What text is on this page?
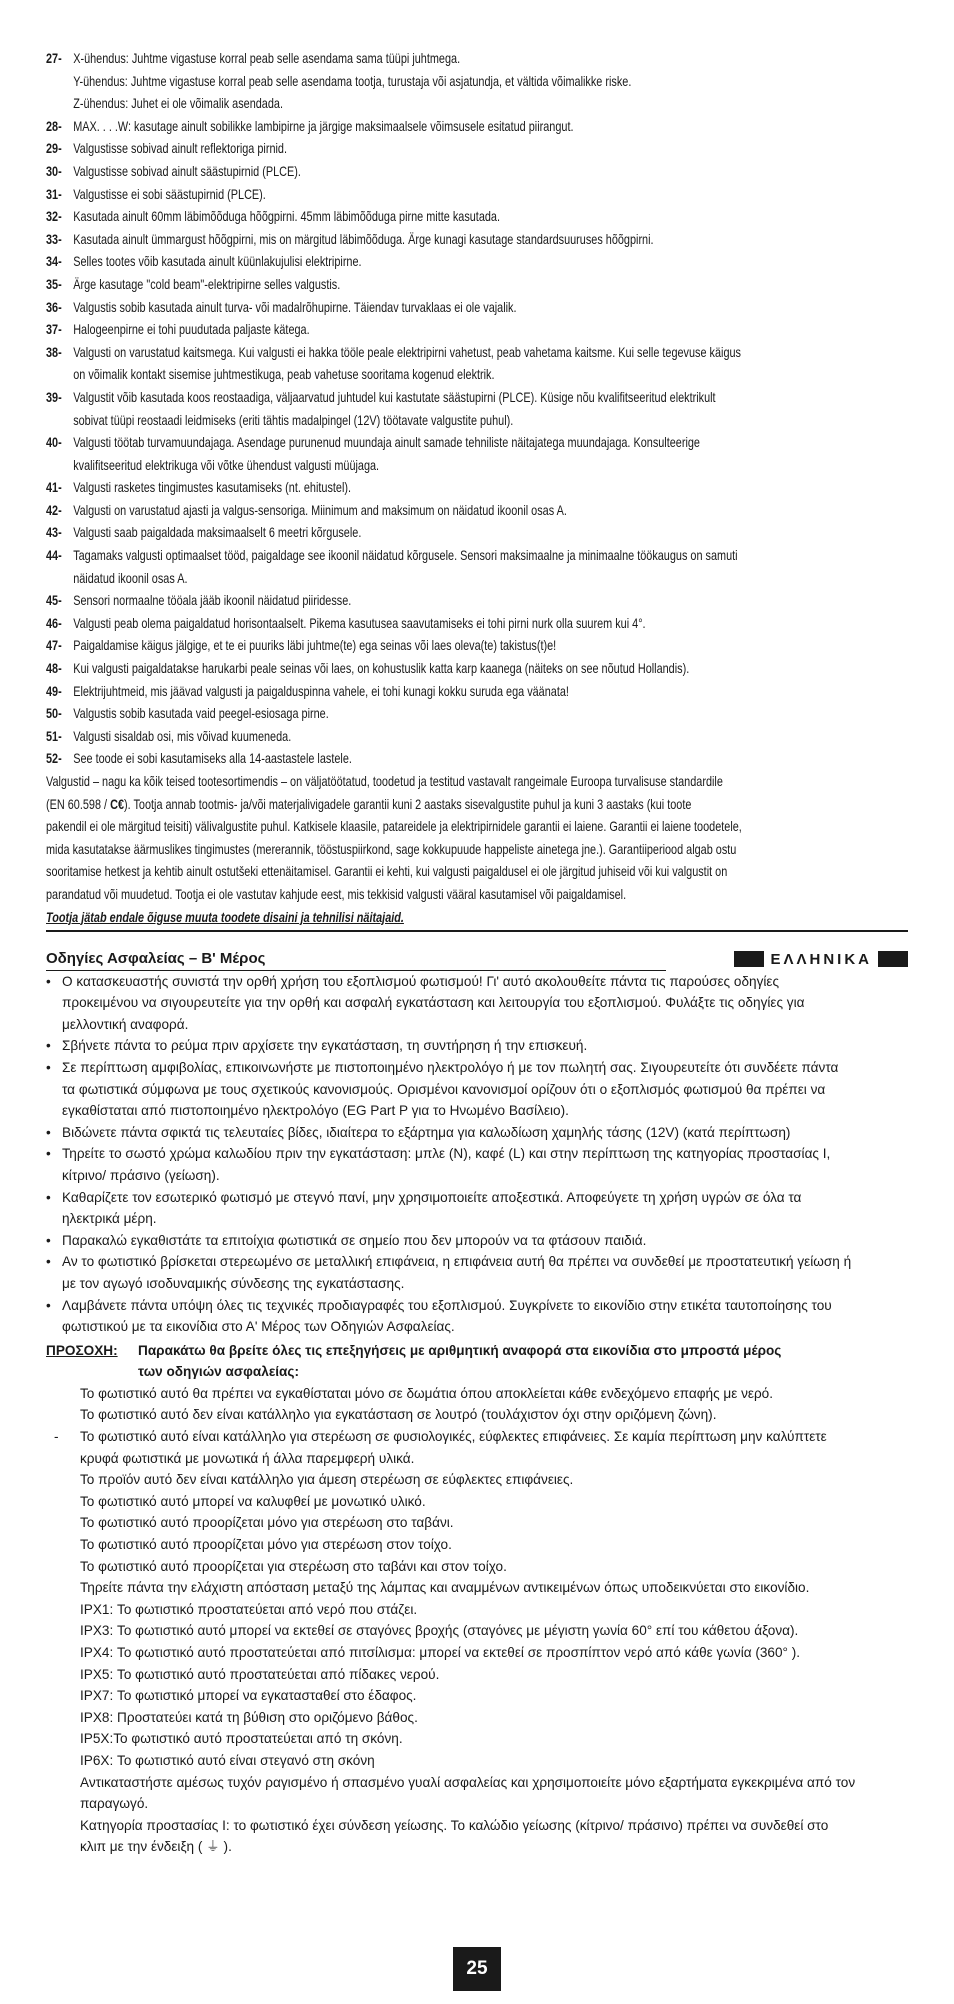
27- X-ühendus: Juhtme vigastuse korral peab selle asendama sama tüüpi juhtmega.
Y-ühendus: Juhtme vigastuse korral peab selle asendama tootja, turustaja või asjatundja, et vältida võimalikke riske.
Z-ühendus: Juhet ei ole võimalik asendada.
28- MAX. . . .W: kasutage ainult sobilikke lambipirne ja järgige maksimaalsele võimsusele esitatud piirangut.
29- Valgustisse sobivad ainult reflektoriga pirnid.
30- Valgustisse sobivad ainult säästupirnid (PLCE).
31- Valgustisse ei sobi säästupirnid (PLCE).
32- Kasutada ainult 60mm läbimõõduga hõõgpirni. 45mm läbimõõduga pirne mitte kasutada.
33- Kasutada ainult ümmargust hõõgpirni, mis on märgitud läbimõõduga. Ärge kunagi kasutage standardsuuruses hõõgpirni.
34- Selles tootes võib kasutada ainult küünlakujulisi elektripirne.
35- Ärge kasutage "cold beam"-elektripirne selles valgustis.
36- Valgustis sobib kasutada ainult turva- või madalrõhupirne. Täiendav turvaklaas ei ole vajalik.
37- Halogeenpirne ei tohi puudutada paljaste kätega.
38- Valgusti on varustatud kaitsmega. Kui valgusti ei hakka tööle peale elektripirni vahetust, peab vahetama kaitsme. Kui selle tegevuse käigus
on võimalik kontakt sisemise juhtmestikuga, peab vahetuse sooritama kogenud elektrik.
39- Valgustit võib kasutada koos reostaadiga, väljaarvatud juhtudel kui kastutate säästupirni (PLCE). Küsige nõu kvalifitseeritud elektrikult
sobivat tüüpi reostaadi leidmiseks (eriti tähtis madalpingel (12V) töötavate valgustite puhul).
40- Valgusti töötab turvamuundajaga. Asendage purunenud muundaja ainult samade tehniliste näitajatega muundajaga. Konsulteerige
kvalifitseeritud elektrikuga või võtke ühendust valgusti müüjaga.
41- Valgusti rasketes tingimustes kasutamiseks (nt. ehitustel).
42- Valgusti on varustatud ajasti ja valgus-sensoriga. Miinimum and maksimum on näidatud ikoonil osas A.
43- Valgusti saab paigaldada maksimaalselt 6 meetri kõrgusele.
44- Tagamaks valgusti optimaalset tööd, paigaldage see ikoonil näidatud kõrgusele. Sensori maksimaalne ja minimaalne töökaugus on samuti
näidatud ikoonil osas A.
45- Sensori normaalne tööala jääb ikoonil näidatud piiridesse.
46- Valgusti peab olema paigaldatud horisontaalselt. Pikema kasutusea saavutamiseks ei tohi pirni nurk olla suurem kui 4°.
47- Paigaldamise käigus jälgige, et te ei puuriks läbi juhtme(te) ega seinas või laes oleva(te) takistus(t)e!
48- Kui valgusti paigaldatakse harukarbi peale seinas või laes, on kohustuslik katta karp kaanega (näiteks on see nõutud Hollandis).
49- Elektrijuhtmeid, mis jäävad valgusti ja paigalduspinna vahele, ei tohi kunagi kokku suruda ega väänata!
50- Valgustis sobib kasutada vaid peegel-esiosaga pirne.
51- Valgusti sisaldab osi, mis võivad kuumeneda.
52- See toode ei sobi kasutamiseks alla 14-aastastele lastele.
Valgustid – nagu ka kõik teised tootesortimendis – on väljatöötatud, toodetud ja testitud vastavalt rangeimale Euroopa turvalisuse standardile
(EN 60.598 / C€). Tootja annab tootmis- ja/või materjalivigadele garantii kuni 2 aastaks sisevalgustite puhul ja kuni 3 aastaks (kui toote
pakendil ei ole märgitud teisiti) välivalgustite puhul. Katkisele klaasile, patareidele ja elektripirnidele garantii ei laiene. Garantii ei laiene toodetele,
mida kasutatakse äärmuslikes tingimustes (mererannik, tööstuspiirkond, sage kokkupuude happeliste ainetega jne.). Garantiiperiood algab ostu
sooritamise hetkest ja kehtib ainult ostutšeki ettenäitamisel. Garantii ei kehti, kui valgusti paigaldusel ei ole järgitud juhiseid või kui valgustit on
parandatud või muudetud. Tootja ei ole vastutav kahjude eest, mis tekkisid valgusti vääral kasutamisel või paigaldamisel.
Tootja jätab endale õiguse muuta toodete disaini ja tehnilisi näitajaid.
Οδηγίες Ασφαλείας – Β' Μέρος	ΕΛΛΗΝΙΚΑ
• Ο κατασκευαστής συνιστά την ορθή χρήση του εξοπλισμού φωτισμού! Γι' αυτό ακολουθείτε πάντα τις παρούσες οδηγίες
προκειμένου να σιγουρευτείτε για την ορθή και ασφαλή εγκατάσταση και λειτουργία του εξοπλισμού. Φυλάξτε τις οδηγίες για
μελλοντική αναφορά.
• Σβήνετε πάντα το ρεύμα πριν αρχίσετε την εγκατάσταση, τη συντήρηση ή την επισκευή.
• Σε περίπτωση αμφιβολίας, επικοινωνήστε με πιστοποιημένο ηλεκτρολόγο ή με τον πωλητή σας. Σιγουρευτείτε ότι συνδέετε πάντα
τα φωτιστικά σύμφωνα με τους σχετικούς κανονισμούς. Ορισμένοι κανονισμοί ορίζουν ότι ο εξοπλισμός φωτισμού θα πρέπει να
εγκαθίσταται από πιστοποιημένο ηλεκτρολόγο (EG Part P για το Ηνωμένο Βασίλειο).
• Βιδώνετε πάντα σφικτά τις τελευταίες βίδες, ιδιαίτερα το εξάρτημα για καλωδίωση χαμηλής τάσης (12V) (κατά περίπτωση)
• Τηρείτε το σωστό χρώμα καλωδίου πριν την εγκατάσταση: μπλε (N), καφέ (L) και στην περίπτωση της κατηγορίας προστασίας I,
κίτρινο/ πράσινο (γείωση).
• Καθαρίζετε τον εσωτερικό φωτισμό με στεγνό πανί, μην χρησιμοποιείτε αποξεστικά. Αποφεύγετε τη χρήση υγρών σε όλα τα
ηλεκτρικά μέρη.
• Παρακαλώ εγκαθιστάτε τα επιτοίχια φωτιστικά σε σημείο που δεν μπορούν να τα φτάσουν παιδιά.
• Αν το φωτιστικό βρίσκεται στερεωμένο σε μεταλλική επιφάνεια, η επιφάνεια αυτή θα πρέπει να συνδεθεί με προστατευτική γείωση ή
με τον αγωγό ισοδυναμικής σύνδεσης της εγκατάστασης.
• Λαμβάνετε πάντα υπόψη όλες τις τεχνικές προδιαγραφές του εξοπλισμού. Συγκρίνετε το εικονίδιο στην ετικέτα ταυτοποίησης του
φωτιστικού με τα εικονίδια στο Α' Μέρος των Οδηγιών Ασφαλείας.
ΠΡΟΣΟΧΗ:	Παρακάτω θα βρείτε όλες τις επεξηγήσεις με αριθμητική αναφορά στα εικονίδια στο μπροστά μέρος
των οδηγιών ασφαλείας:
Το φωτιστικό αυτό θα πρέπει να εγκαθίσταται μόνο σε δωμάτια όπου αποκλείεται κάθε ενδεχόμενο επαφής με νερό.
Το φωτιστικό αυτό δεν είναι κατάλληλο για εγκατάσταση σε λουτρό (τουλάχιστον όχι στην οριζόμενη ζώνη).
-	Το φωτιστικό αυτό είναι κατάλληλο για στερέωση σε φυσιολογικές, εύφλεκτες επιφάνειες. Σε καμία περίπτωση μην καλύπτετε
κρυφά φωτιστικά με μονωτικά ή άλλα παρεμφερή υλικά.
Το προϊόν αυτό δεν είναι κατάλληλο για άμεση στερέωση σε εύφλεκτες επιφάνειες.
Το φωτιστικό αυτό μπορεί να καλυφθεί με μονωτικό υλικό.
Το φωτιστικό αυτό προορίζεται μόνο για στερέωση στο ταβάνι.
Το φωτιστικό αυτό προορίζεται μόνο για στερέωση στον τοίχο.
Το φωτιστικό αυτό προορίζεται για στερέωση στο ταβάνι και στον τοίχο.
Τηρείτε πάντα την ελάχιστη απόσταση μεταξύ της λάμπας και αναμμένων αντικειμένων όπως υποδεικνύεται στο εικονίδιο.
IPX1: Το φωτιστικό προστατεύεται από νερό που στάζει.
IPX3: Το φωτιστικό αυτό μπορεί να εκτεθεί σε σταγόνες βροχής (σταγόνες με μέγιστη γωνία 60° επί του κάθετου άξονα).
IPX4: Το φωτιστικό αυτό προστατεύεται από πιτσίλισμα: μπορεί να εκτεθεί σε προσπίπτον νερό από κάθε γωνία (360° ).
IPX5: Το φωτιστικό αυτό προστατεύεται από πίδακες νερού.
IPX7: Το φωτιστικό μπορεί να εγκατασταθεί στο έδαφος.
IPX8: Προστατεύει κατά τη βύθιση στο οριζόμενο βάθος.
IP5X:Το φωτιστικό αυτό προστατεύεται από τη σκόνη.
IP6X: Το φωτιστικό αυτό είναι στεγανό στη σκόνη
Αντικαταστήστε αμέσως τυχόν ραγισμένο ή σπασμένο γυαλί ασφαλείας και χρησιμοποιείτε μόνο εξαρτήματα εγκεκριμένα από τον
παραγωγό.
Κατηγορία προστασίας I: το φωτιστικό έχει σύνδεση γείωσης. Το καλώδιο γείωσης (κίτρινο/ πράσινο) πρέπει να συνδεθεί στο
κλιπ με την ένδειξη ( ⏚ ).
25
